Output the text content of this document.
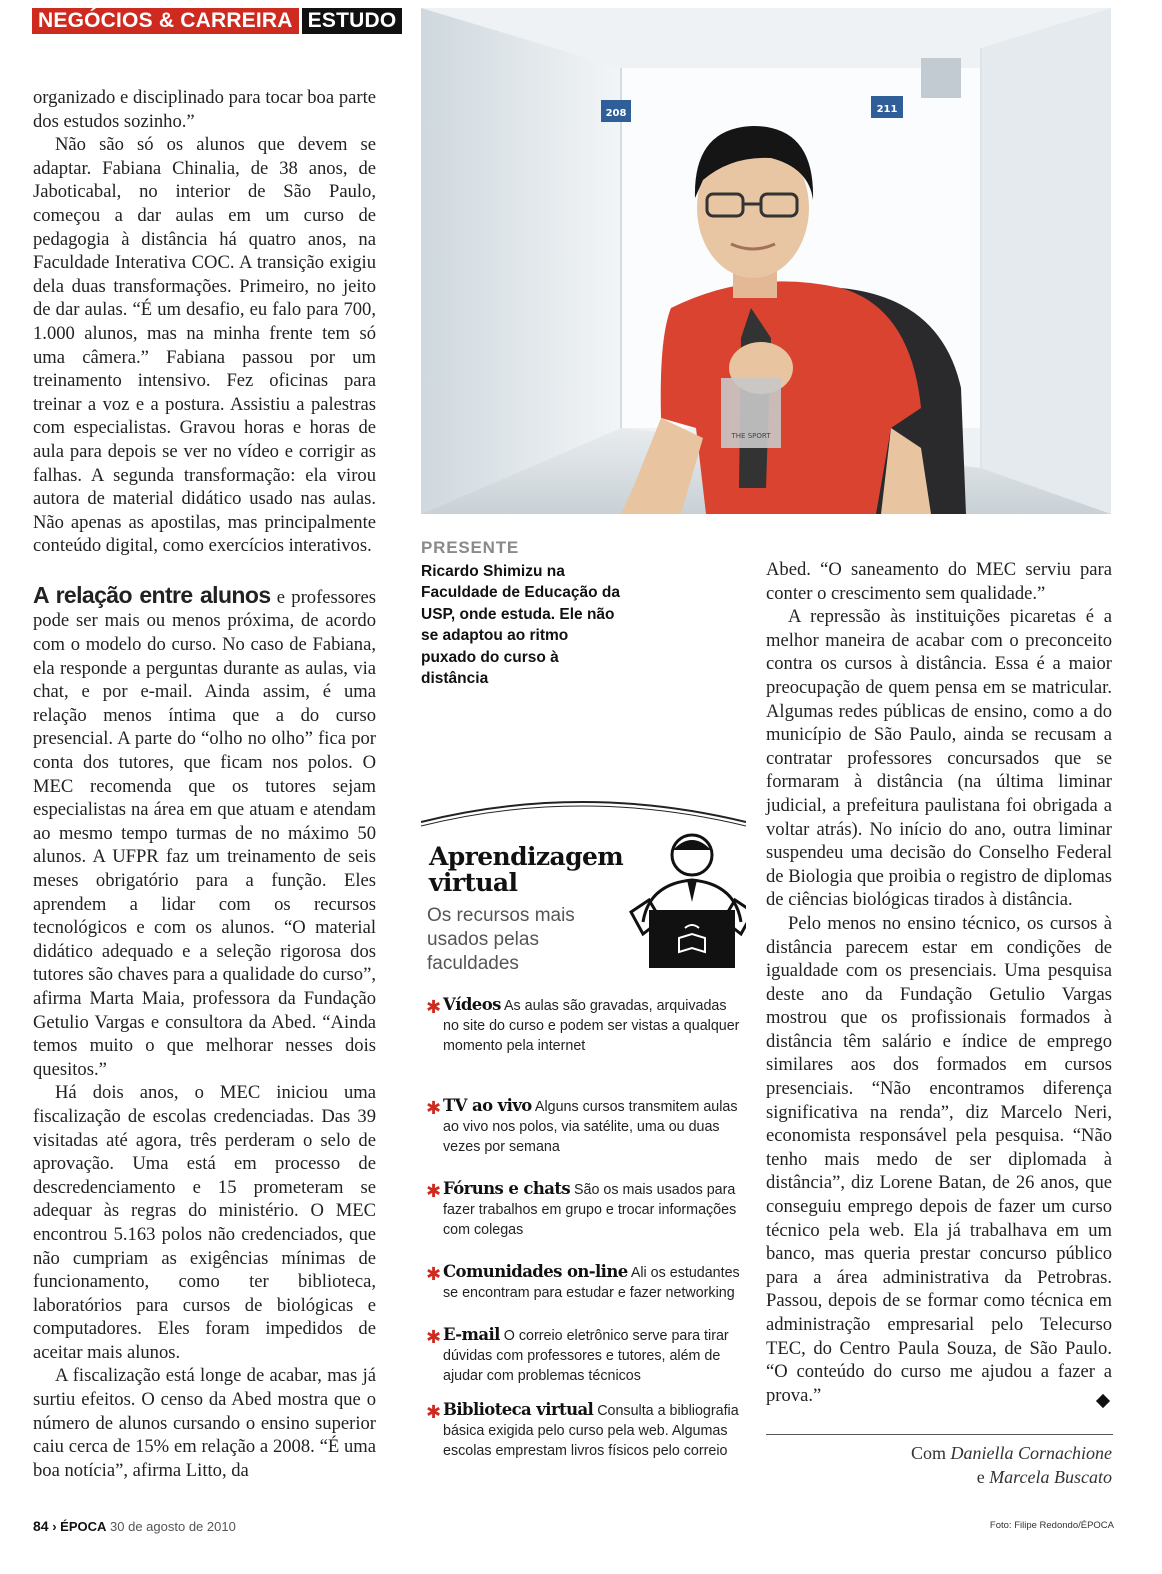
NEGÓCIOS & CARREIRA ESTUDO

organizado e disciplinado para tocar boa parte dos estudos sozinho.”

Não são só os alunos que devem se adaptar. Fabiana Chinalia, de 38 anos, de Jaboticabal, no interior de São Paulo, começou a dar aulas em um curso de pedagogia à distância há quatro anos, na Faculdade Interativa COC. A transição exigiu dela duas transformações. Primeiro, no jeito de dar aulas. “É um desafio, eu falo para 700, 1.000 alunos, mas na minha frente tem só uma câmera.” Fabiana passou por um treinamento intensivo. Fez oficinas para treinar a voz e a postura. Assistiu a palestras com especialistas. Gravou horas e horas de aula para depois se ver no vídeo e corrigir as falhas. A segunda transformação: ela virou autora de material didático usado nas aulas. Não apenas as apostilas, mas principalmente conteúdo digital, como exercícios interativos.

A relação entre alunos e professores pode ser mais ou menos próxima, de acordo com o modelo do curso. No caso de Fabiana, ela responde a perguntas durante as aulas, via chat, e por e-mail. Ainda assim, é uma relação menos íntima que a do curso presencial. A parte do “olho no olho” fica por conta dos tutores, que ficam nos polos. O MEC recomenda que os tutores sejam especialistas na área em que atuam e atendam ao mesmo tempo turmas de no máximo 50 alunos. A UFPR faz um treinamento de seis meses obrigatório para a função. Eles aprendem a lidar com os recursos tecnológicos e com os alunos. “O material didático adequado e a seleção rigorosa dos tutores são chaves para a qualidade do curso”, afirma Marta Maia, professora da Fundação Getulio Vargas e consultora da Abed. “Ainda temos muito o que melhorar nesses dois quesitos.”

Há dois anos, o MEC iniciou uma fiscalização de escolas credenciadas. Das 39 visitadas até agora, três perderam o selo de aprovação. Uma está em processo de descredenciamento e 15 prometeram se adequar às regras do ministério. O MEC encontrou 5.163 polos não credenciados, que não cumpriam as exigências mínimas de funcionamento, como ter biblioteca, laboratórios para cursos de biológicas e computadores. Eles foram impedidos de aceitar mais alunos.

A fiscalização está longe de acabar, mas já surtiu efeitos. O censo da Abed mostra que o número de alunos cursando o ensino superior caiu cerca de 15% em relação a 2008. “É uma boa notícia”, afirma Litto, da

208	211
THE SPORT
PRESENTE
Ricardo Shimizu na Faculdade de Educação da USP, onde estuda. Ele não se adaptou ao ritmo puxado do curso à distância
Aprendizagem
virtual
Os recursos mais usados pelas faculdades
✱ Vídeos As aulas são gravadas, arquivadas no site do curso e podem ser vistas a qualquer momento pela internet
✱ TV ao vivo Alguns cursos transmitem aulas ao vivo nos polos, via satélite, uma ou duas vezes por semana
✱ Fóruns e chats São os mais usados para fazer trabalhos em grupo e trocar informações com colegas
✱ Comunidades on-line Ali os estudantes se encontram para estudar e fazer networking
✱ E-mail O correio eletrônico serve para tirar dúvidas com professores e tutores, além de ajudar com problemas técnicos
✱ Biblioteca virtual Consulta a bibliografia básica exigida pelo curso pela web. Algumas escolas emprestam livros físicos pelo correio

Abed. “O saneamento do MEC serviu para conter o crescimento sem qualidade.”

A repressão às instituições picaretas é a melhor maneira de acabar com o preconceito contra os cursos à distância. Essa é a maior preocupação de quem pensa em se matricular. Algumas redes públicas de ensino, como a do município de São Paulo, ainda se recusam a contratar professores concursados que se formaram à distância (na última liminar judicial, a prefeitura paulistana foi obrigada a voltar atrás). No início do ano, outra liminar suspendeu uma decisão do Conselho Federal de Biologia que proibia o registro de diplomas de ciências biológicas tirados à distância.

Pelo menos no ensino técnico, os cursos à distância parecem estar em condições de igualdade com os presenciais. Uma pesquisa deste ano da Fundação Getulio Vargas mostrou que os profissionais formados à distância têm salário e índice de emprego similares aos dos formados em cursos presenciais. “Não encontramos diferença significativa na renda”, diz Marcelo Neri, economista responsável pela pesquisa. “Não tenho mais medo de ser diplomada à distância”, diz Lorene Batan, de 26 anos, que conseguiu emprego depois de fazer um curso técnico pela web. Ela já trabalhava em um banco, mas queria prestar concurso público para a área administrativa da Petrobras. Passou, depois de se formar como técnica em administração empresarial pelo Telecurso TEC, do Centro Paula Souza, de São Paulo. “O conteúdo do curso me ajudou a fazer a prova.”

Com Daniella Cornachione
e Marcela Buscato
84 › ÉPOCA 30 de agosto de 2010	Foto: Filipe Redondo/ÉPOCA
